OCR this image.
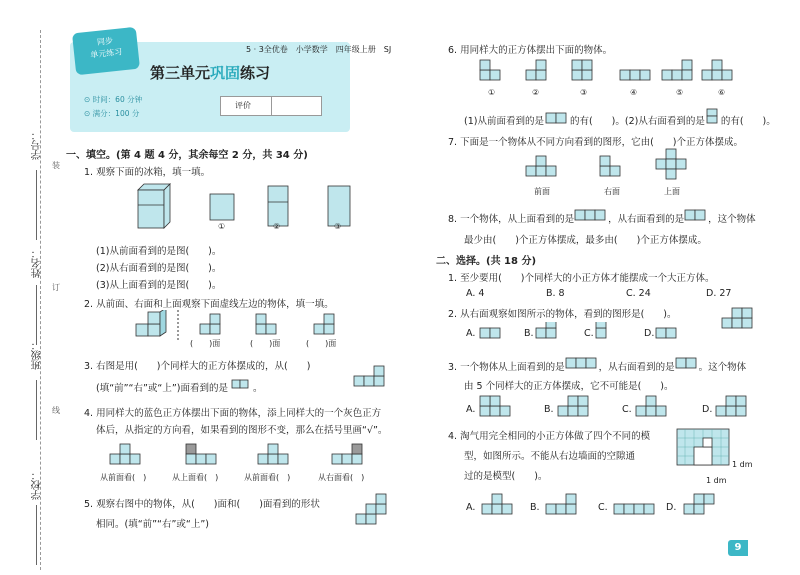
学号：
姓名：
班级：
学校：
装
订
线
同步
单元练习	5 · 3全优卷　小学数学　四年级上册　SJ
第三单元巩固练习
⊙ 时间：60 分钟
⊙ 满分：100 分
评价
一、填空。(第 4 题 4 分，其余每空 2 分，共 34 分)
1. 观察下面的冰箱，填一填。
①	②	③
(1)从前面看到的是图(　　)。
(2)从右面看到的是图(　　)。
(3)从上面看到的是图(　　)。
2. 从前面、右面和上面观察下面虚线左边的物体，填一填。
(　　)面	(　　)面	(　　)面
3. 右图是用(　　)个同样大的正方体摆成的，从(　　)
(填“前”“右”或“上”)面看到的是	。
4. 用同样大的蓝色正方体摆出下面的物体，添上同样大的一个灰色正方
体后，从指定的方向看，如果看到的图形不变，那么在括号里画“√”。
从前面看(　)	从上面看(　)	从前面看(　)	从右面看(　)
5. 观察右图中的物体，从(　　)面和(　　)面看到的形状
相同。(填“前”“右”或“上”)
6. 用同样大的正方体摆出下面的物体。
①	②	③	④	⑤	⑥
(1)从前面看到的是	的有(　　)。(2)从右面看到的是 的有(　　)。
7. 下面是一个物体从不同方向看到的图形，它由(　　)个正方体摆成。
前面	右面	上面
8. 一个物体，从上面看到的是	，从右面看到的是	，这个物体
最少由(　　)个正方体摆成，最多由(　　)个正方体摆成。
二、选择。(共 18 分)
1. 至少要用(　　)个同样大的小正方体才能摆成一个大正方体。
A. 4	B. 8	C. 24	D. 27
2. 从右面观察如图所示的物体，看到的图形是(　　)。
A.	B.	C.	D.
3. 一个物体从上面看到的是	，从右面看到的是	。这个物体
由 5 个同样大的正方体摆成，它不可能是(　　)。
A.	B.	C.	D.
4. 淘气用完全相同的小正方体做了四个不同的模
型，如图所示。不能从右边墙面的空隙通
过的是模型(　　)。
1 dm
1 dm
A.	B.	C.	D.
9
